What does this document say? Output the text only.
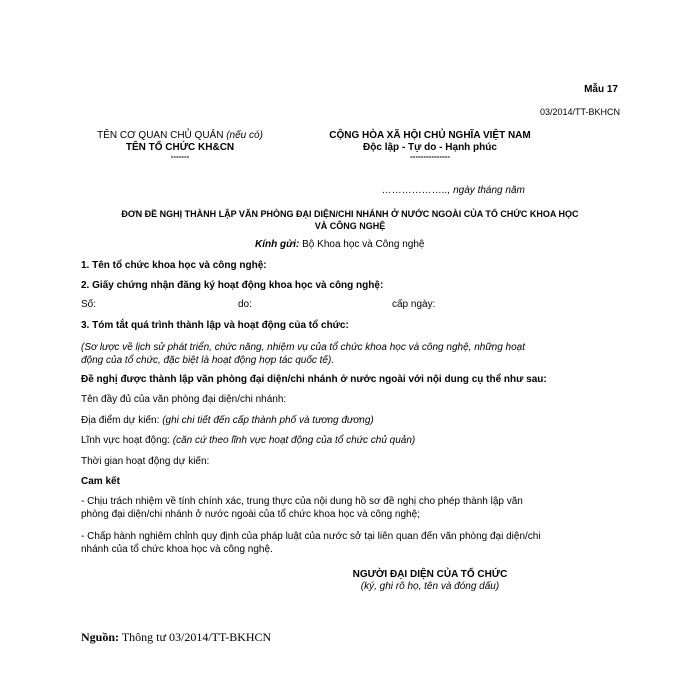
Mẫu 17
03/2014/TT-BKHCN
TÊN CƠ QUAN CHỦ QUẢN (nếu có)
TÊN TỔ CHỨC KH&CN
-------
CỘNG HÒA XÃ HỘI CHỦ NGHĨA VIỆT NAM
Độc lập - Tự do - Hạnh phúc
---------------
……………….., ngày tháng năm
ĐƠN ĐỀ NGHỊ THÀNH LẬP VĂN PHÒNG ĐẠI DIỆN/CHI NHÁNH Ở NƯỚC NGOÀI CỦA TỔ CHỨC KHOA HỌC
VÀ CÔNG NGHỆ
Kính gửi: Bộ Khoa học và Công nghệ
1. Tên tổ chức khoa học và công nghệ:
2. Giấy chứng nhận đăng ký hoạt động khoa học và công nghệ:
Số:	do:	cấp ngày:
3. Tóm tắt quá trình thành lập và hoạt động của tổ chức:
(Sơ lược về lịch sử phát triển, chức năng, nhiệm vụ của tổ chức khoa học và công nghệ, những hoạt
động của tổ chức, đặc biệt là hoạt động hợp tác quốc tế).
Đề nghị được thành lập văn phòng đại diện/chi nhánh ở nước ngoài với nội dung cụ thể như sau:
Tên đầy đủ của văn phòng đại diện/chi nhánh:
Địa điểm dự kiến: (ghi chi tiết đến cấp thành phố và tương đương)
Lĩnh vực hoạt động: (căn cứ theo lĩnh vực hoạt động của tổ chức chủ quản)
Thời gian hoạt động dự kiến:
Cam kết
- Chịu trách nhiệm về tính chính xác, trung thực của nội dung hồ sơ đề nghị cho phép thành lập văn
phòng đại diện/chi nhánh ở nước ngoài của tổ chức khoa học và công nghệ;
- Chấp hành nghiêm chỉnh quy định của pháp luật của nước sở tại liên quan đến văn phòng đại diện/chi
nhánh của tổ chức khoa học và công nghệ.
NGƯỜI ĐẠI DIỆN CỦA TỔ CHỨC
(ký, ghi rõ họ, tên và đóng dấu)
Nguồn: Thông tư 03/2014/TT-BKHCN
